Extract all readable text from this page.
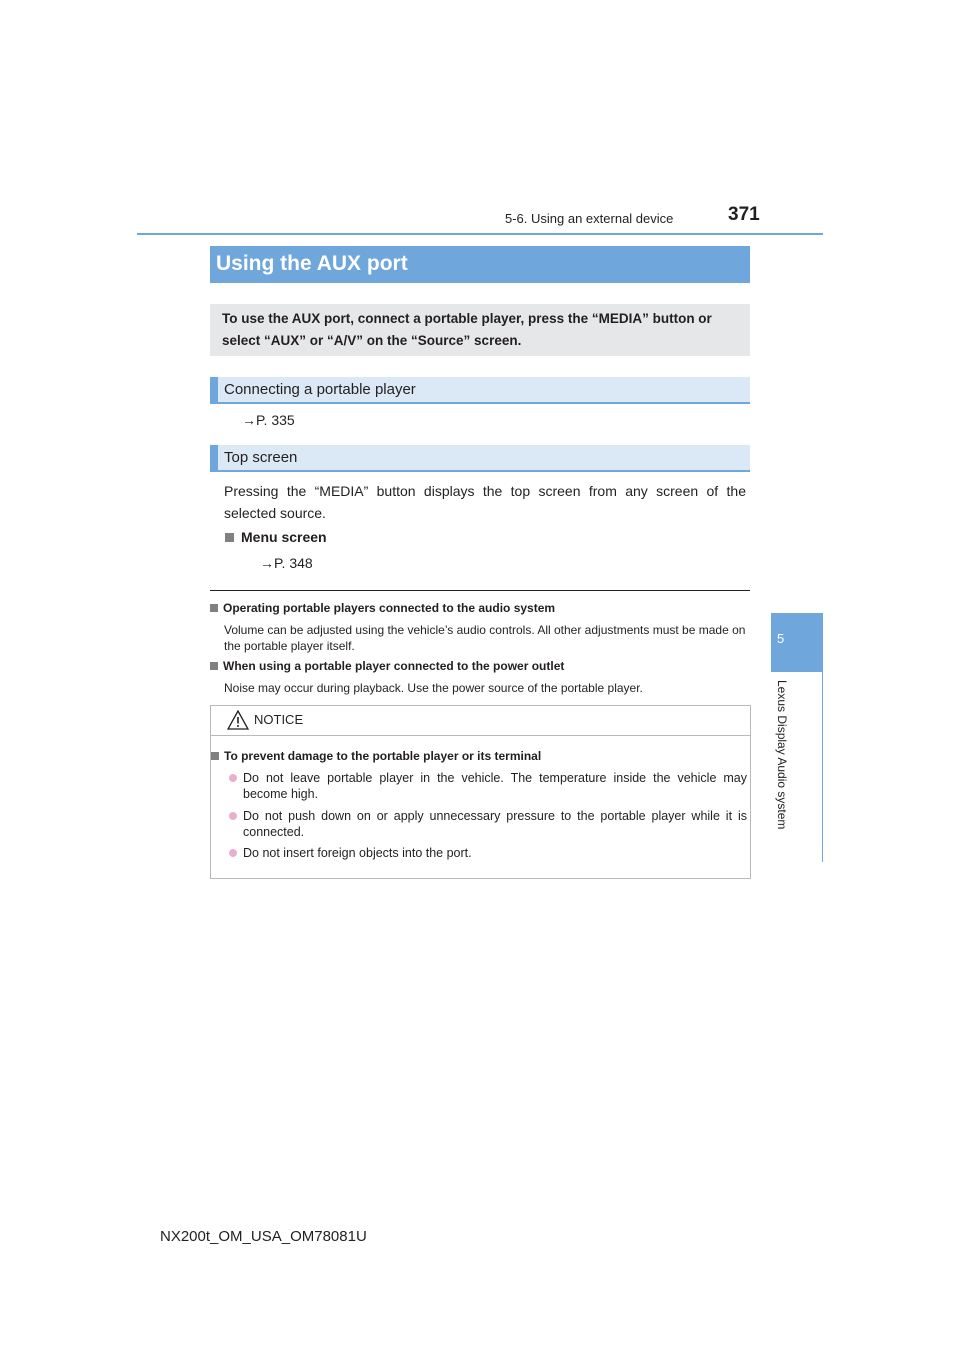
5-6. Using an external device	371
5
Lexus Display Audio system
Using the AUX port
To use the AUX port, connect a portable player, press the “MEDIA” button or select “AUX” or “A/V” on the “Source” screen.
Connecting a portable player
→P. 335
Top screen
Pressing the “MEDIA” button displays the top screen from any screen of the selected source.
Menu screen
→P. 348
Operating portable players connected to the audio system
Volume can be adjusted using the vehicle’s audio controls. All other adjustments must be made on the portable player itself.
When using a portable player connected to the power outlet
Noise may occur during playback. Use the power source of the portable player.
NOTICE
To prevent damage to the portable player or its terminal
Do not leave portable player in the vehicle. The temperature inside the vehicle may become high.
Do not push down on or apply unnecessary pressure to the portable player while it is connected.
Do not insert foreign objects into the port.
NX200t_OM_USA_OM78081U
